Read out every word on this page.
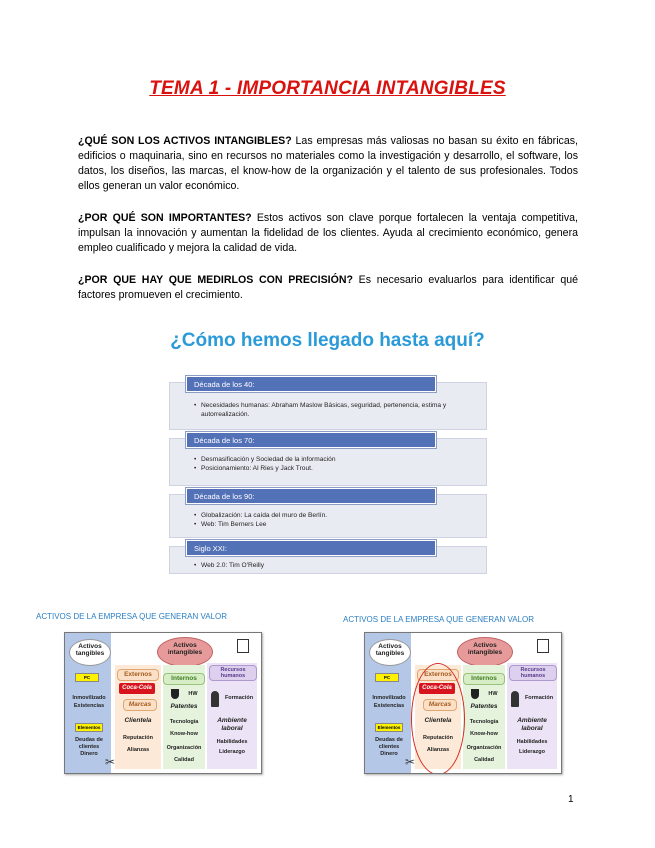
TEMA 1 - IMPORTANCIA INTANGIBLES
¿QUÉ SON LOS ACTIVOS INTANGIBLES? Las empresas más valiosas no basan su éxito en fábricas, edificios o maquinaria, sino en recursos no materiales como la investigación y desarrollo, el software, los datos, los diseños, las marcas, el know-how de la organización y el talento de sus profesionales. Todos ellos generan un valor económico.
¿POR QUÉ SON IMPORTANTES? Estos activos son clave porque fortalecen la ventaja competitiva, impulsan la innovación y aumentan la fidelidad de los clientes. Ayuda al crecimiento económico, genera empleo cualificado y mejora la calidad de vida.
¿POR QUE HAY QUE MEDIRLOS CON PRECISIÓN? Es necesario evaluarlos para identificar qué factores promueven el crecimiento.
¿Cómo hemos llegado hasta aquí?
Década de los 40:
• Necesidades humanas: Abraham Maslow Básicas, seguridad, pertenencia, estima y autorrealización.
Década de los 70:
• Desmasificación y Sociedad de la información
• Posicionamiento: Al Ries y Jack Trout.
Década de los 90:
• Globalización: La caída del muro de Berlín.
• Web: Tim Berners Lee
Siglo XXI:
• Web 2.0: Tim O'Reilly
ACTIVOS DE LA EMPRESA QUE GENERAN VALOR	ACTIVOS DE LA EMPRESA QUE GENERAN VALOR
Activos tangibles
Activos intangibles
Externos
Internos
Recursos humanos
PC
Inmovilizado
Existencias
Elementos
Deudas de clientes
Dinero
Coca-Cola
Marcas
HW
Patentes
Formación
Clientela	Tecnología	Ambiente laboral
Reputación
Know-how
Habilidades
Alianzas	Organización
Liderazgo
Calidad
✂
Activos tangibles
Activos intangibles
Externos
Internos
Recursos humanos
PC
Inmovilizado
Existencias
Elementos
Deudas de clientes
Dinero
Coca-Cola
Marcas
HW
Patentes
Formación
Clientela	Tecnología	Ambiente laboral
Reputación
Know-how
Habilidades
Alianzas	Organización
Liderazgo
Calidad
✂
1
